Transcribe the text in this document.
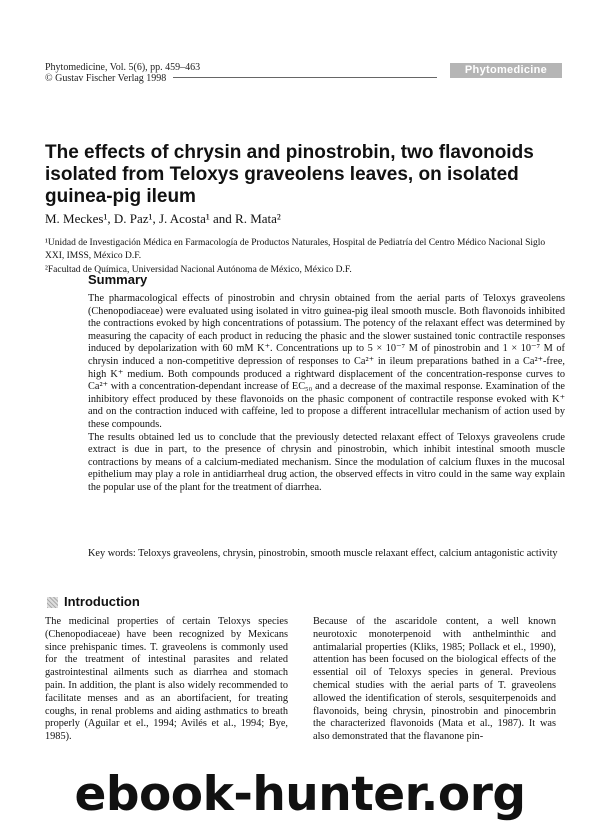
Phytomedicine, Vol. 5(6), pp. 459–463
© Gustav Fischer Verlag 1998
Phytomedicine
The effects of chrysin and pinostrobin, two flavonoids isolated from Teloxys graveolens leaves, on isolated guinea-pig ileum
M. Meckes¹, D. Paz¹, J. Acosta¹ and R. Mata²
¹Unidad de Investigación Médica en Farmacología de Productos Naturales, Hospital de Pediatría del Centro Médico Nacional Siglo XXI, IMSS, México D.F.
²Facultad de Química, Universidad Nacional Autónoma de México, México D.F.
Summary

The pharmacological effects of pinostrobin and chrysin obtained from the aerial parts of Teloxys graveolens (Chenopodiaceae) were evaluated using isolated in vitro guinea-pig ileal smooth muscle. Both flavonoids inhibited the contractions evoked by high concentrations of potassium. The potency of the relaxant effect was determined by measuring the capacity of each product in reducing the phasic and the slower sustained tonic contractile responses induced by depolarization with 60 mM K⁺. Concentrations up to 5 × 10⁻⁷ M of pinostrobin and 1 × 10⁻⁷ M of chrysin induced a non-competitive depression of responses to Ca²⁺ in ileum preparations bathed in a Ca²⁺-free, high K⁺ medium. Both compounds produced a rightward displacement of the concentration-response curves to Ca²⁺ with a concentration-dependant increase of EC₅₀ and a decrease of the maximal response. Examination of the inhibitory effect produced by these flavonoids on the phasic component of contractile response evoked with K⁺ and on the contraction induced with caffeine, led to propose a different intracellular mechanism of action used by these compounds.

The results obtained led us to conclude that the previously detected relaxant effect of Teloxys graveolens crude extract is due in part, to the presence of chrysin and pinostrobin, which inhibit intestinal smooth muscle contractions by means of a calcium-mediated mechanism. Since the modulation of calcium fluxes in the mucosal epithelium may play a role in antidiarrheal drug action, the observed effects in vitro could in the same way explain the popular use of the plant for the treatment of diarrhea.

Key words: Teloxys graveolens, chrysin, pinostrobin, smooth muscle relaxant effect, calcium antagonistic activity
Introduction
The medicinal properties of certain Teloxys species (Chenopodiaceae) have been recognized by Mexicans since prehispanic times. T. graveolens is commonly used for the treatment of intestinal parasites and related gastrointestinal ailments such as diarrhea and stomach pain. In addition, the plant is also widely recommended to facilitate menses and as an abortifacient, for treating coughs, in renal problems and aiding asthmatics to breath properly (Aguilar et el., 1994; Avilés et al., 1994; Bye, 1985).
Because of the ascaridole content, a well known neurotoxic monoterpenoid with anthelminthic and antimalarial properties (Kliks, 1985; Pollack et el., 1990), attention has been focused on the biological effects of the essential oil of Teloxys species in general. Previous chemical studies with the aerial parts of T. graveolens allowed the identification of sterols, sesquiterpenoids and flavonoids, being chrysin, pinostrobin and pinocembrin the characterized flavonoids (Mata et al., 1987). It was also demonstrated that the flavanone pin-
ebook-hunter.org
